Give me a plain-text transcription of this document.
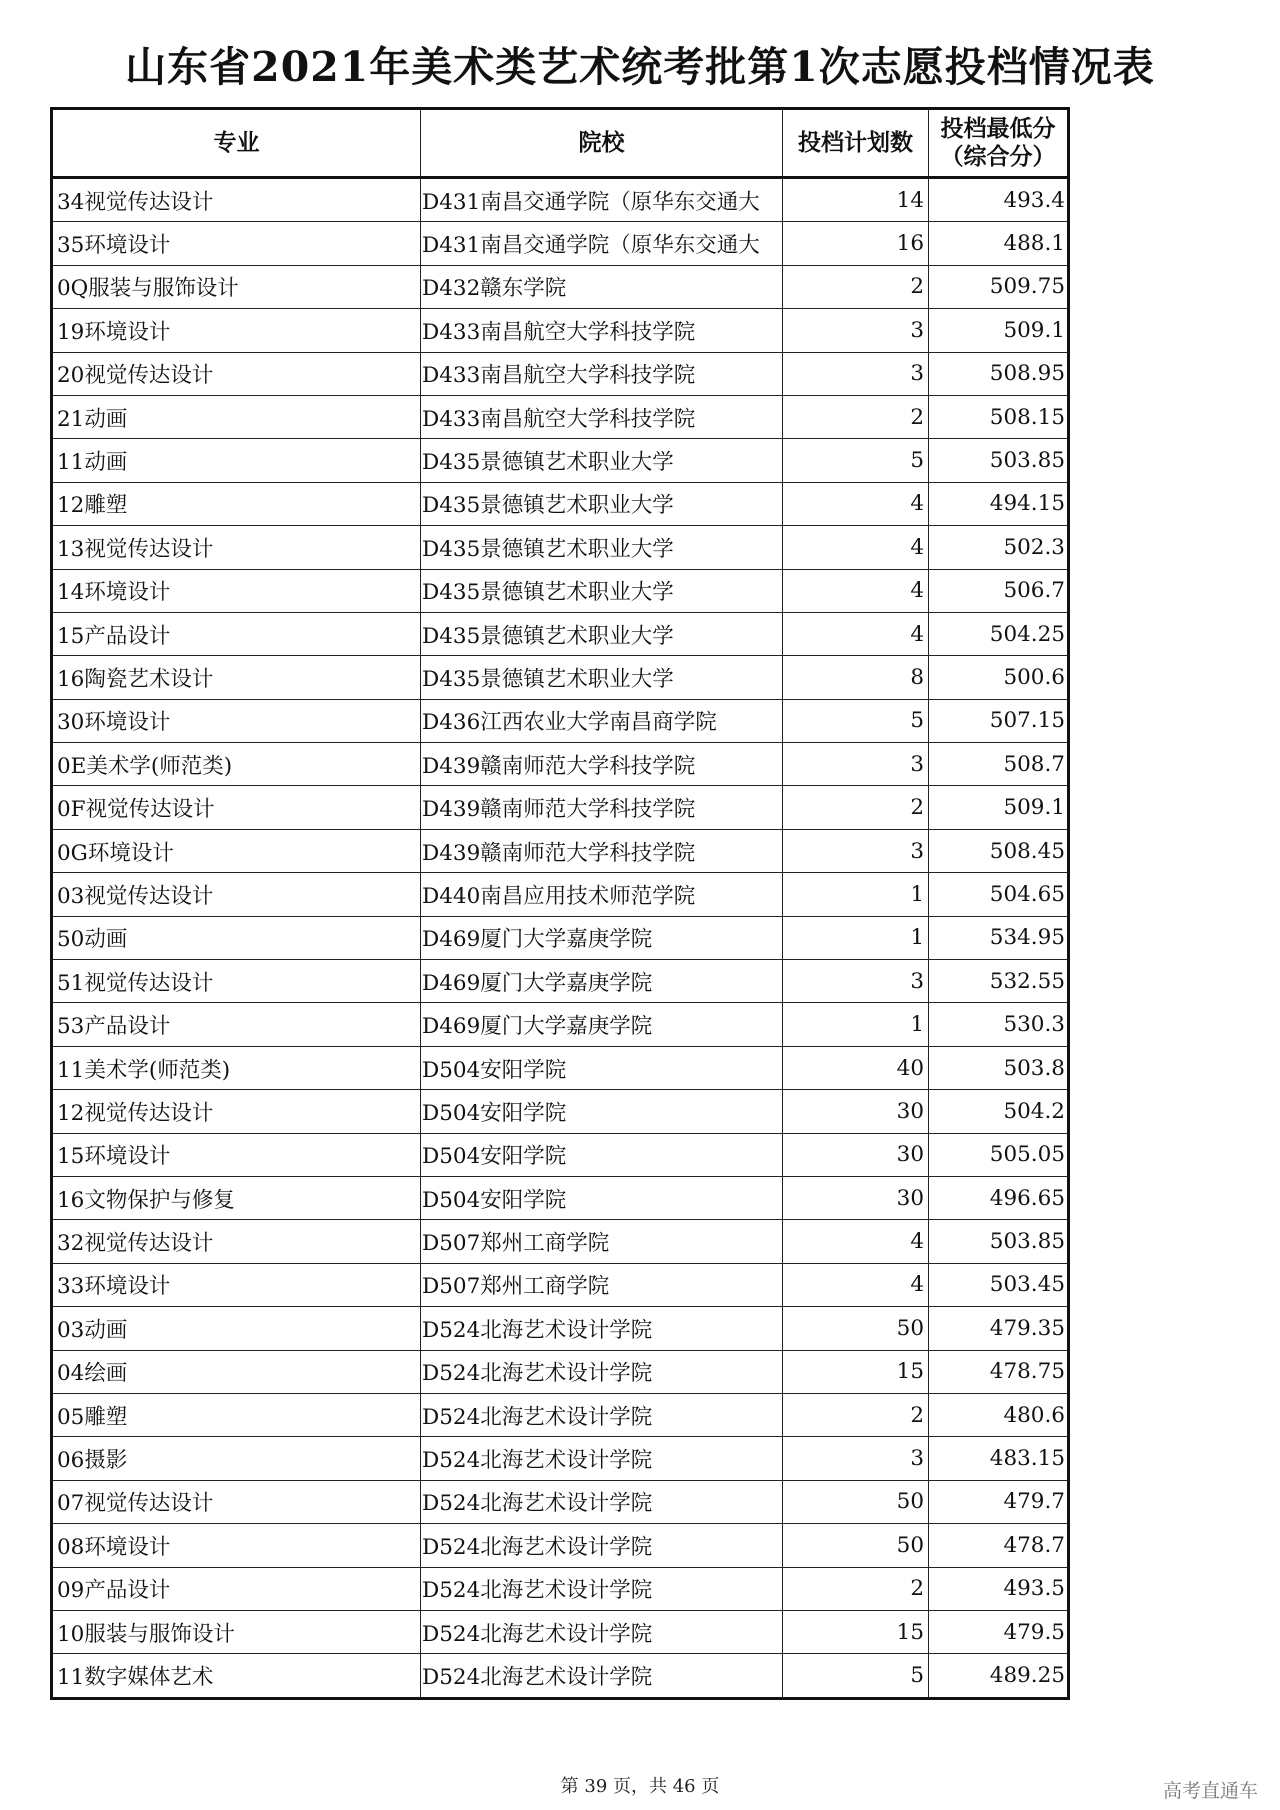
山东省2021年美术类艺术统考批第1次志愿投档情况表
专业	院校	投档计划数	投档最低分
（综合分）

34视觉传达设计	D431南昌交通学院（原华东交通大	14	493.4
35环境设计	D431南昌交通学院（原华东交通大	16	488.1
0Q服装与服饰设计	D432赣东学院	2	509.75
19环境设计	D433南昌航空大学科技学院	3	509.1
20视觉传达设计	D433南昌航空大学科技学院	3	508.95
21动画	D433南昌航空大学科技学院	2	508.15
11动画	D435景德镇艺术职业大学	5	503.85
12雕塑	D435景德镇艺术职业大学	4	494.15
13视觉传达设计	D435景德镇艺术职业大学	4	502.3
14环境设计	D435景德镇艺术职业大学	4	506.7
15产品设计	D435景德镇艺术职业大学	4	504.25
16陶瓷艺术设计	D435景德镇艺术职业大学	8	500.6
30环境设计	D436江西农业大学南昌商学院	5	507.15
0E美术学(师范类)	D439赣南师范大学科技学院	3	508.7
0F视觉传达设计	D439赣南师范大学科技学院	2	509.1
0G环境设计	D439赣南师范大学科技学院	3	508.45
03视觉传达设计	D440南昌应用技术师范学院	1	504.65
50动画	D469厦门大学嘉庚学院	1	534.95
51视觉传达设计	D469厦门大学嘉庚学院	3	532.55
53产品设计	D469厦门大学嘉庚学院	1	530.3
11美术学(师范类)	D504安阳学院	40	503.8
12视觉传达设计	D504安阳学院	30	504.2
15环境设计	D504安阳学院	30	505.05
16文物保护与修复	D504安阳学院	30	496.65
32视觉传达设计	D507郑州工商学院	4	503.85
33环境设计	D507郑州工商学院	4	503.45
03动画	D524北海艺术设计学院	50	479.35
04绘画	D524北海艺术设计学院	15	478.75
05雕塑	D524北海艺术设计学院	2	480.6
06摄影	D524北海艺术设计学院	3	483.15
07视觉传达设计	D524北海艺术设计学院	50	479.7
08环境设计	D524北海艺术设计学院	50	478.7
09产品设计	D524北海艺术设计学院	2	493.5
10服装与服饰设计	D524北海艺术设计学院	15	479.5
11数字媒体艺术	D524北海艺术设计学院	5	489.25
第 39 页，共 46 页	高考直通车
